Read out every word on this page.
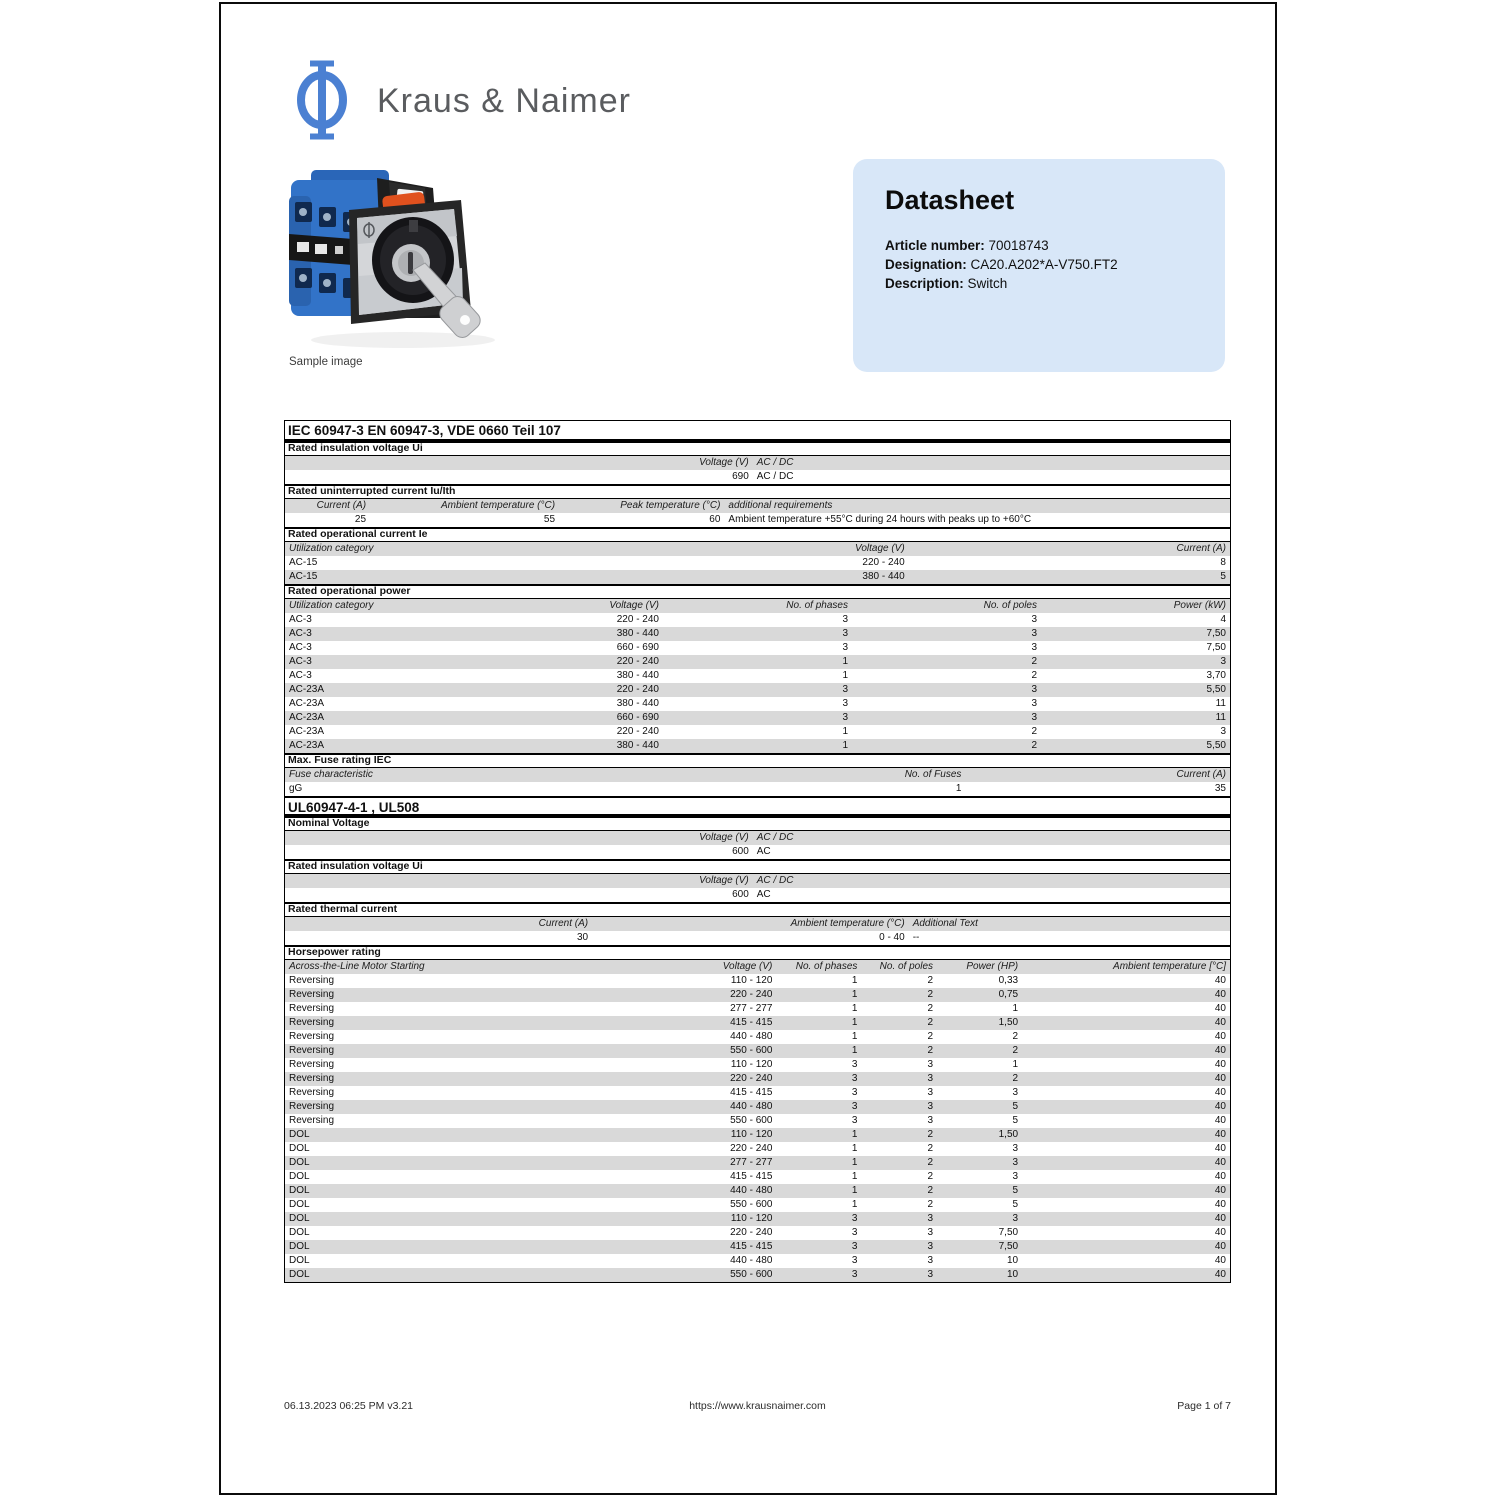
Kraus & Naimer
Sample image
Datasheet
Article number: 70018743
Designation: CA20.A202*A-V750.FT2
Description: Switch
IEC 60947-3 EN 60947-3, VDE 0660 Teil 107
Rated insulation voltage Ui
Voltage (V) AC / DC
690 AC / DC
Rated uninterrupted current Iu/Ith
Current (A)	Ambient temperature (°C)	Peak temperature (°C) additional requirements
25	55	60 Ambient temperature +55°C during 24 hours with peaks up to +60°C
Rated operational current Ie
Utilization category	Voltage (V)	Current (A)
AC-15	220 - 240	8
AC-15	380 - 440	5
Rated operational power
Utilization category	Voltage (V)	No. of phases	No. of poles	Power (kW)
AC-3	220 - 240	3	3	4
AC-3	380 - 440	3	3	7,50
AC-3	660 - 690	3	3	7,50
AC-3	220 - 240	1	2	3
AC-3	380 - 440	1	2	3,70
AC-23A	220 - 240	3	3	5,50
AC-23A	380 - 440	3	3	11
AC-23A	660 - 690	3	3	11
AC-23A	220 - 240	1	2	3
AC-23A	380 - 440	1	2	5,50
Max. Fuse rating IEC
Fuse characteristic	No. of Fuses	Current (A)
gG	1	35
UL60947-4-1 , UL508
Nominal Voltage
Voltage (V) AC / DC
600 AC
Rated insulation voltage Ui
Voltage (V) AC / DC
600 AC
Rated thermal current
Current (A)	Ambient temperature (°C) Additional Text
30	0 - 40 --
Horsepower rating
Across-the-Line Motor Starting	Voltage (V)	No. of phases	No. of poles	Power (HP)	Ambient temperature [°C]
Reversing	110 - 120	1	2	0,33	40
Reversing	220 - 240	1	2	0,75	40
Reversing	277 - 277	1	2	1	40
Reversing	415 - 415	1	2	1,50	40
Reversing	440 - 480	1	2	2	40
Reversing	550 - 600	1	2	2	40
Reversing	110 - 120	3	3	1	40
Reversing	220 - 240	3	3	2	40
Reversing	415 - 415	3	3	3	40
Reversing	440 - 480	3	3	5	40
Reversing	550 - 600	3	3	5	40
DOL	110 - 120	1	2	1,50	40
DOL	220 - 240	1	2	3	40
DOL	277 - 277	1	2	3	40
DOL	415 - 415	1	2	3	40
DOL	440 - 480	1	2	5	40
DOL	550 - 600	1	2	5	40
DOL	110 - 120	3	3	3	40
DOL	220 - 240	3	3	7,50	40
DOL	415 - 415	3	3	7,50	40
DOL	440 - 480	3	3	10	40
DOL	550 - 600	3	3	10	40
https://www.krausnaimer.com
06.13.2023 06:25 PM v3.21	Page 1 of 7
